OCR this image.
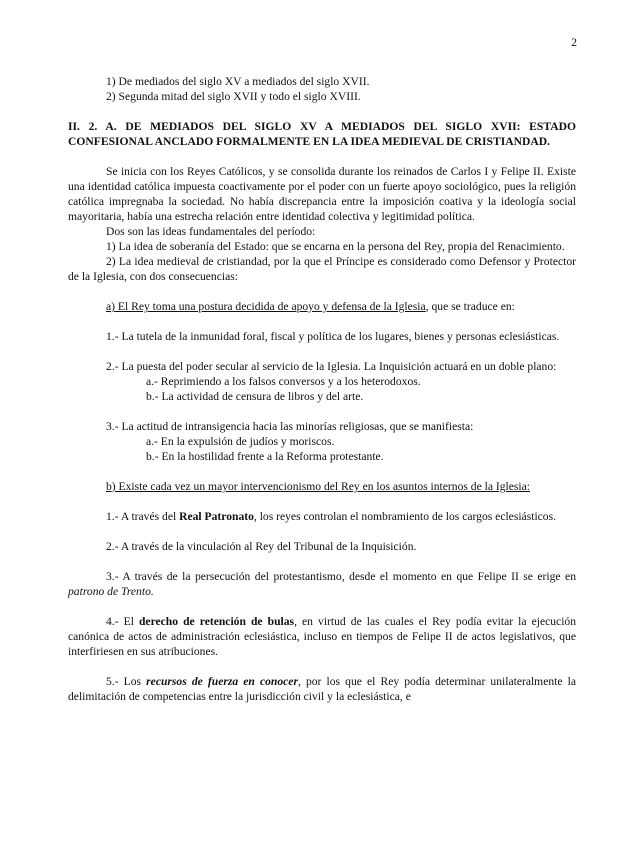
2

1) De mediados del siglo XV a mediados del siglo XVII.

2) Segunda mitad del siglo XVII y todo el siglo XVIII.

II. 2. A. DE MEDIADOS DEL SIGLO XV A MEDIADOS DEL SIGLO XVII: ESTADO CONFESIONAL ANCLADO FORMALMENTE EN LA IDEA MEDIEVAL DE CRISTIANDAD.

Se inicia con los Reyes Católicos, y se consolida durante los reinados de Carlos I y Felipe II. Existe una identidad católica impuesta coactivamente por el poder con un fuerte apoyo sociológico, pues la religión católica impregnaba la sociedad. No había discrepancia entre la imposición coativa y la ideología social mayoritaria, había una estrecha relación entre identidad colectiva y legitimidad política.

Dos son las ideas fundamentales del período:

1) La idea de soberanía del Estado: que se encarna en la persona del Rey, propia del Renacimiento.

2) La idea medieval de cristiandad, por la que el Príncipe es considerado como Defensor y Protector de la Iglesia, con dos consecuencias:

a) El Rey toma una postura decidida de apoyo y defensa de la Iglesia, que se traduce en:

1.- La tutela de la inmunidad foral, fiscal y política de los lugares, bienes y personas eclesiásticas.

2.- La puesta del poder secular al servicio de la Iglesia. La Inquisición actuará en un doble plano:

a.- Reprimiendo a los falsos conversos y a los heterodoxos.

b.- La actividad de censura de libros y del arte.

3.- La actitud de intransigencia hacia las minorías religiosas, que se manifiesta:

a.- En la expulsión de judíos y moriscos.

b.- En la hostilidad frente a la Reforma protestante.

b) Existe cada vez un mayor intervencionismo del Rey en los asuntos internos de la Iglesia:

1.- A través del Real Patronato, los reyes controlan el nombramiento de los cargos eclesiásticos.

2.- A través de la vinculación al Rey del Tribunal de la Inquisición.

3.- A través de la persecución del protestantismo, desde el momento en que Felipe II se erige en patrono de Trento.

4.- El derecho de retención de bulas, en virtud de las cuales el Rey podía evitar la ejecución canónica de actos de administración eclesiástica, incluso en tiempos de Felipe II de actos legislativos, que interfiriesen en sus atribuciones.

5.- Los recursos de fuerza en conocer, por los que el Rey podía determinar unilateralmente la delimitación de competencias entre la jurisdicción civil y la eclesiástica, e
